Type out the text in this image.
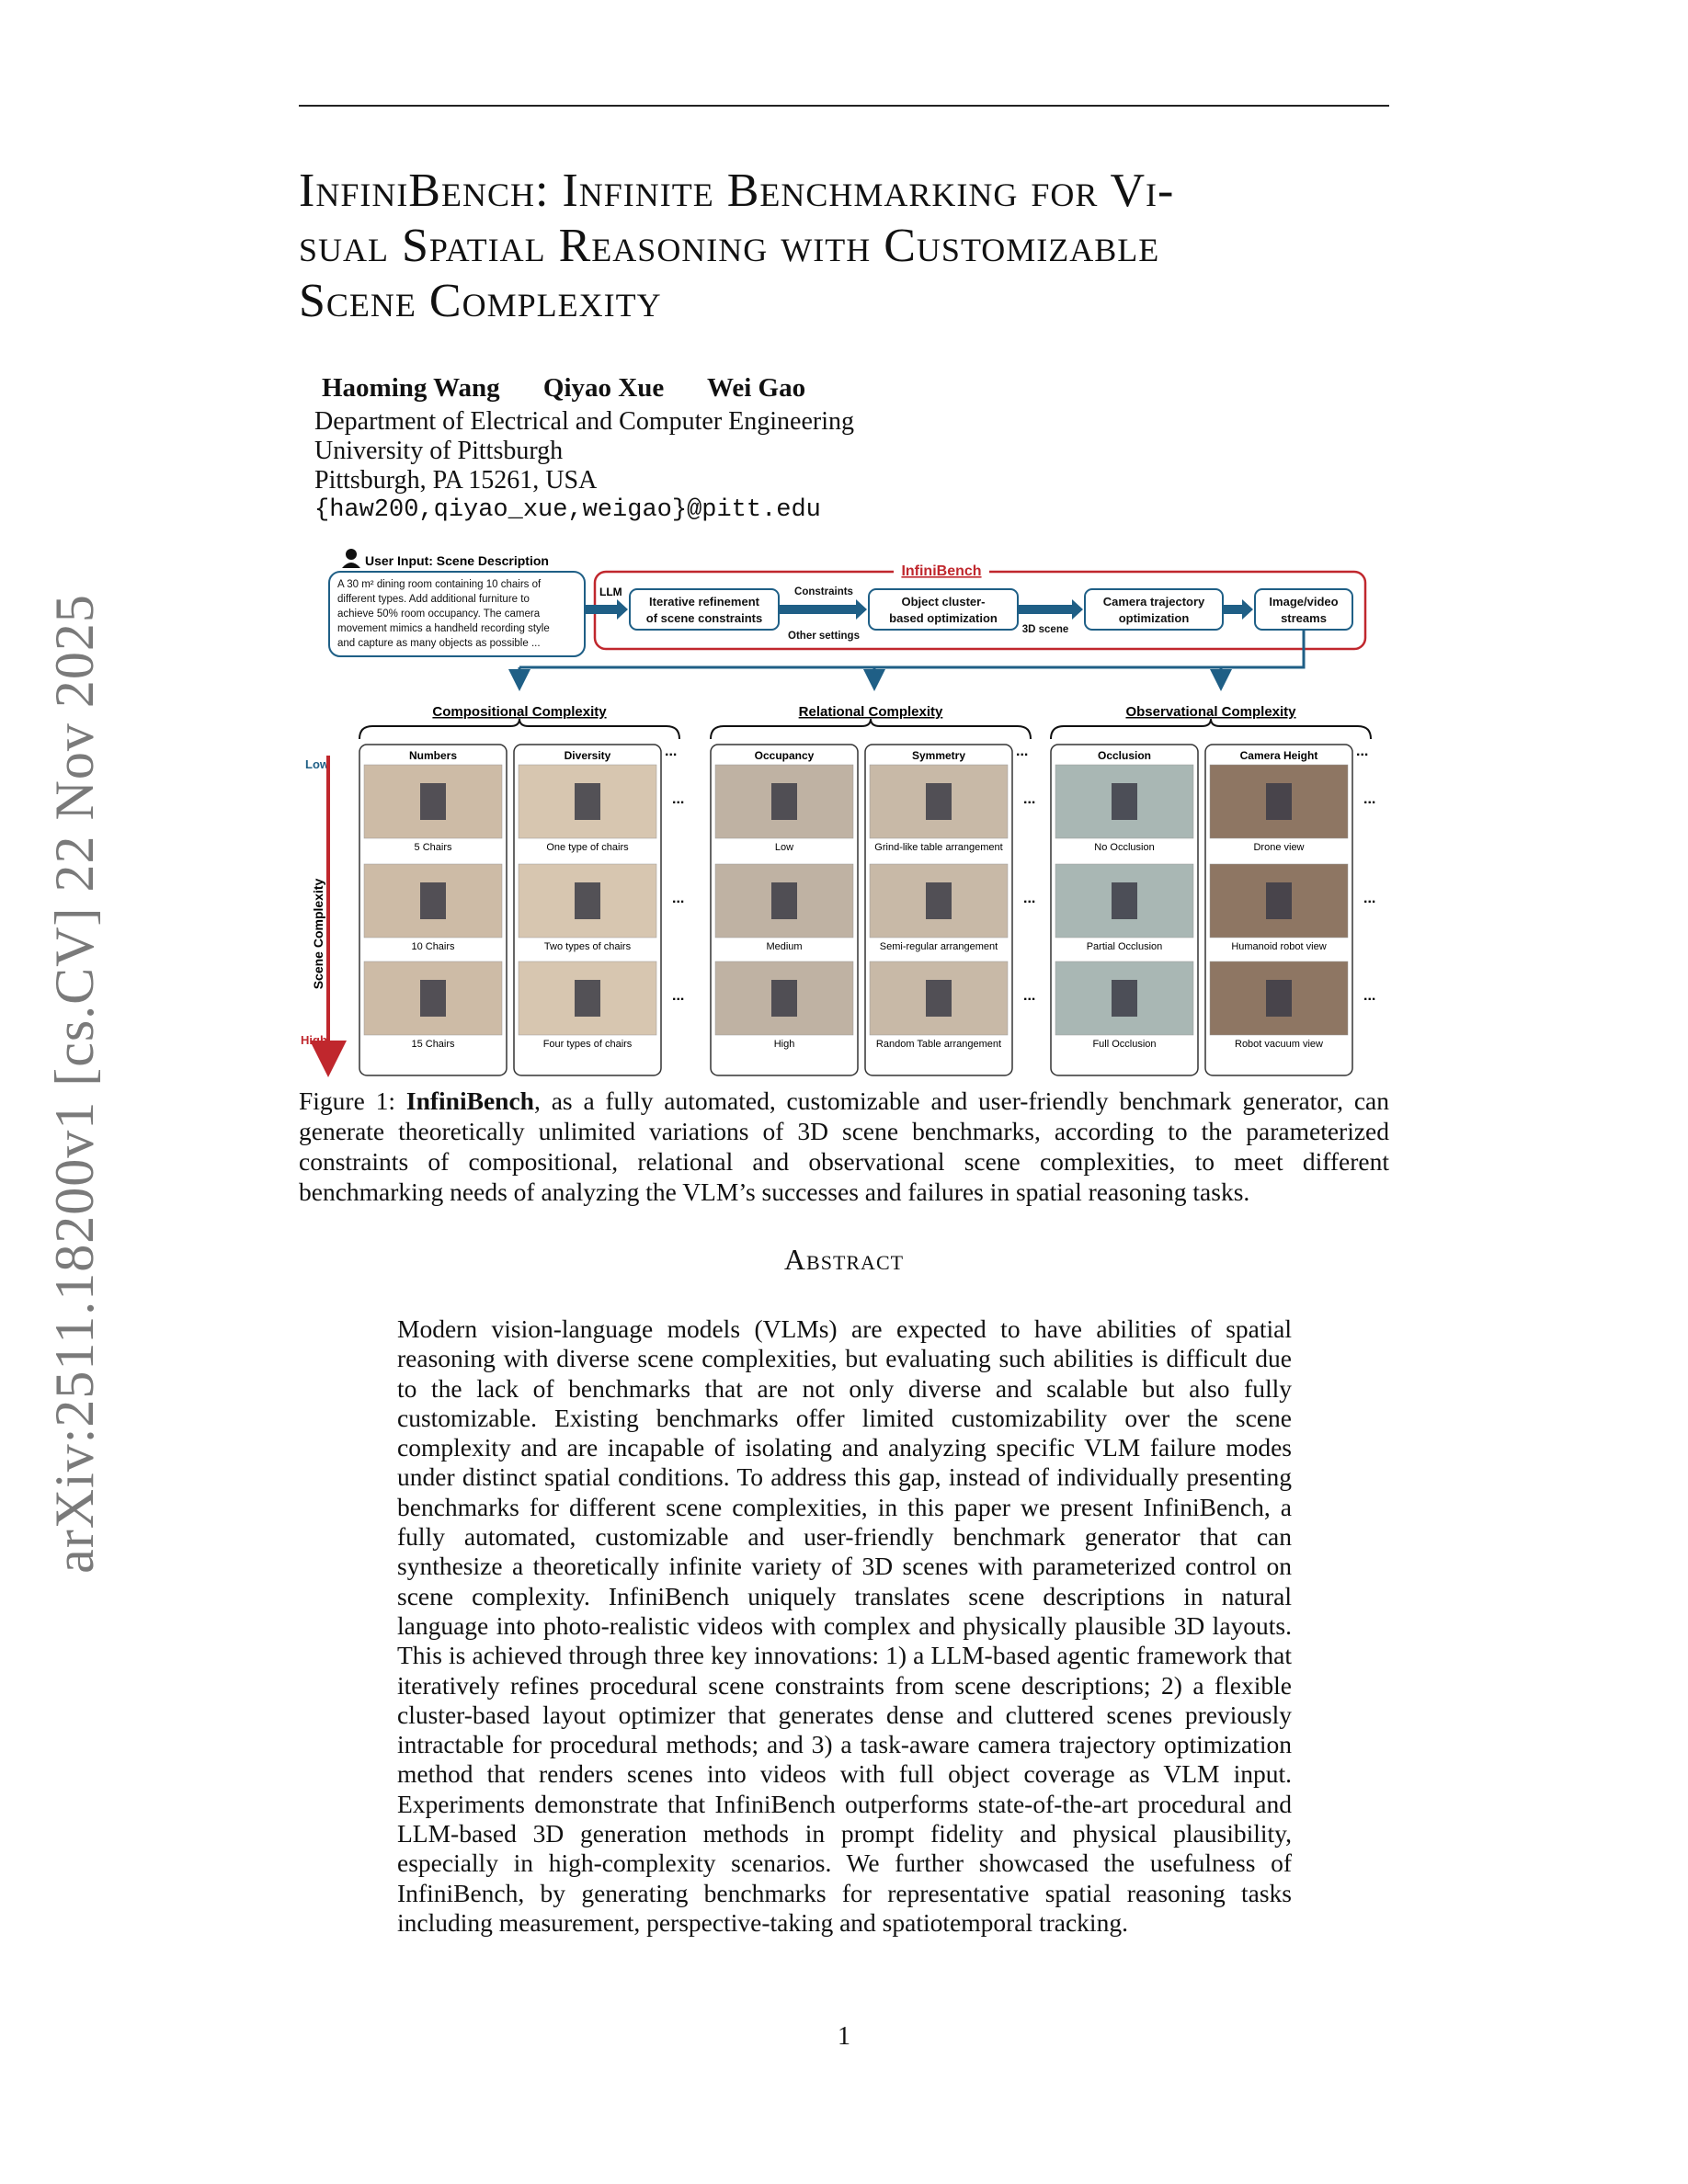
arXiv:2511.18200v1 [cs.CV] 22 Nov 2025
InfiniBench: Infinite Benchmarking for Vi-
sual Spatial Reasoning with Customizable
Scene Complexity
Haoming Wang Qiyao Xue Wei Gao
Department of Electrical and Computer Engineering
University of Pittsburgh
Pittsburgh, PA 15261, USA
{haw200,qiyao_xue,weigao}@pitt.edu
User Input: Scene Description
A 30 m² dining room containing 10 chairs of
different types. Add additional furniture to
achieve 50% room occupancy. The camera
movement mimics a handheld recording style
and capture as many objects as possible ...
LLM
InfiniBench
Iterative refinement
of scene constraints
Object cluster-
based optimization
Camera trajectory
optimization
Image/video
streams
Constraints
Other settings
3D scene
Compositional Complexity
Numbers
5 Chairs
10 Chairs
15 Chairs
Diversity
One type of chairs
Two types of chairs
Four types of chairs
...
...
...
...
Relational Complexity
Occupancy
Low
Medium
High
Symmetry
Grind-like table arrangement
Semi-regular arrangement
Random Table arrangement
...
...
...
...
Observational Complexity
Occlusion
No Occlusion
Partial Occlusion
Full Occlusion
Camera Height
Drone view
Humanoid robot view
Robot vacuum view
...
...
...
...
Low
High
Scene Complexity
Figure 1: InfiniBench, as a fully automated, customizable and user-friendly benchmark generator, can generate theoretically unlimited variations of 3D scene benchmarks, according to the parameterized constraints of compositional, relational and observational scene complexities, to meet different benchmarking needs of analyzing the VLM’s successes and failures in spatial reasoning tasks.
Abstract
Modern vision-language models (VLMs) are expected to have abilities of spatial reasoning with diverse scene complexities, but evaluating such abilities is difficult due to the lack of benchmarks that are not only diverse and scalable but also fully customizable. Existing benchmarks offer limited customizability over the scene complexity and are incapable of isolating and analyzing specific VLM failure modes under distinct spatial conditions. To address this gap, instead of individually presenting benchmarks for different scene complexities, in this paper we present InfiniBench, a fully automated, customizable and user-friendly benchmark generator that can synthesize a theoretically infinite variety of 3D scenes with parameterized control on scene complexity. InfiniBench uniquely translates scene descriptions in natural language into photo-realistic videos with complex and physically plausible 3D layouts. This is achieved through three key innovations: 1) a LLM-based agentic framework that iteratively refines procedural scene constraints from scene descriptions; 2) a flexible cluster-based layout optimizer that generates dense and cluttered scenes previously intractable for procedural methods; and 3) a task-aware camera trajectory optimization method that renders scenes into videos with full object coverage as VLM input. Experiments demonstrate that InfiniBench outperforms state-of-the-art procedural and LLM-based 3D generation methods in prompt fidelity and physical plausibility, especially in high-complexity scenarios. We further showcased the usefulness of InfiniBench, by generating benchmarks for representative spatial reasoning tasks including measurement, perspective-taking and spatiotemporal tracking.
1
